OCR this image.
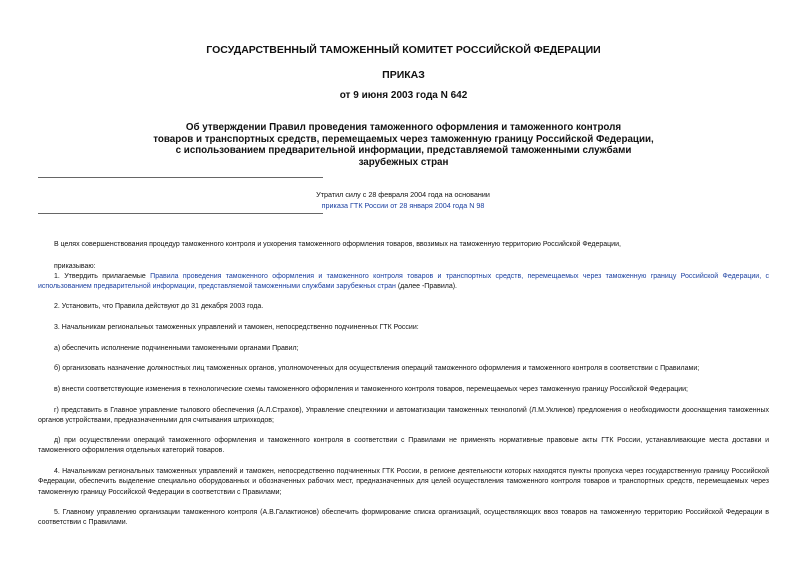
ГОСУДАРСТВЕННЫЙ ТАМОЖЕННЫЙ КОМИТЕТ РОССИЙСКОЙ ФЕДЕРАЦИИ
ПРИКАЗ
от 9 июня 2003 года N 642
Об утверждении Правил проведения таможенного оформления и таможенного контроля
товаров и транспортных средств, перемещаемых через таможенную границу Российской Федерации,
с использованием предварительной информации, представляемой таможенными службами
зарубежных стран
Утратил силу с 28 февраля 2004 года на основании
приказа ГТК России от 28 января 2004 года N 98
В целях совершенствования процедур таможенного контроля и ускорения таможенного оформления товаров, ввозимых на таможенную территорию Российской Федерации,
приказываю:
1. Утвердить прилагаемые Правила проведения таможенного оформления и таможенного контроля товаров и транспортных средств, перемещаемых через таможенную границу Российской Федерации, с использованием предварительной информации, представляемой таможенными службами зарубежных стран (далее -Правила).
2. Установить, что Правила действуют до 31 декабря 2003 года.
3. Начальникам региональных таможенных управлений и таможен, непосредственно подчиненных ГТК России:
а) обеспечить исполнение подчиненными таможенными органами Правил;
б) организовать назначение должностных лиц таможенных органов, уполномоченных для осуществления операций таможенного оформления и таможенного контроля в соответствии с Правилами;
в) внести соответствующие изменения в технологические схемы таможенного оформления и таможенного контроля товаров, перемещаемых через таможенную границу Российской Федерации;
г) представить в Главное управление тылового обеспечения (А.Л.Страхов), Управление спецтехники и автоматизации таможенных технологий (Л.М.Уклинов) предложения о необходимости дооснащения таможенных органов устройствами, предназначенными для считывания штрихкодов;
д) при осуществлении операций таможенного оформления и таможенного контроля в соответствии с Правилами не применять нормативные правовые акты ГТК России, устанавливающие места доставки и таможенного оформления отдельных категорий товаров.
4. Начальникам региональных таможенных управлений и таможен, непосредственно подчиненных ГТК России, в регионе деятельности которых находятся пункты пропуска через государственную границу Российской Федерации, обеспечить выделение специально оборудованных и обозначенных рабочих мест, предназначенных для целей осуществления таможенного контроля товаров и транспортных средств, перемещаемых через таможенную границу Российской Федерации в соответствии с Правилами;
5. Главному управлению организации таможенного контроля (А.В.Галактионов) обеспечить формирование списка организаций, осуществляющих ввоз товаров на таможенную территорию Российской Федерации в соответствии с Правилами.
